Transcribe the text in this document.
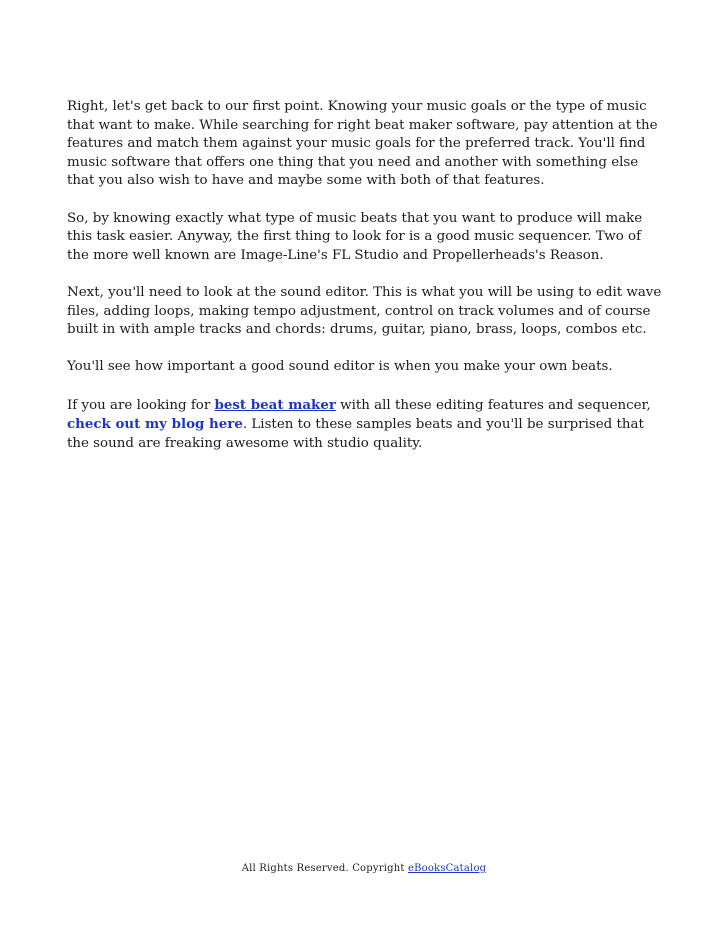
Right, let's get back to our first point. Knowing your music goals or the type of music that want to make. While searching for right beat maker software, pay attention at the features and match them against your music goals for the preferred track. You'll find music software that offers one thing that you need and another with something else that you also wish to have and maybe some with both of that features.

So, by knowing exactly what type of music beats that you want to produce will make this task easier. Anyway, the first thing to look for is a good music sequencer. Two of the more well known are Image-Line's FL Studio and Propellerheads's Reason.

Next, you'll need to look at the sound editor. This is what you will be using to edit wave files, adding loops, making tempo adjustment, control on track volumes and of course built in with ample tracks and chords: drums, guitar, piano, brass, loops, combos etc.

You'll see how important a good sound editor is when you make your own beats.

If you are looking for best beat maker with all these editing features and sequencer, check out my blog here. Listen to these samples beats and you'll be surprised that the sound are freaking awesome with studio quality.

All Rights Reserved. Copyright eBooksCatalog
